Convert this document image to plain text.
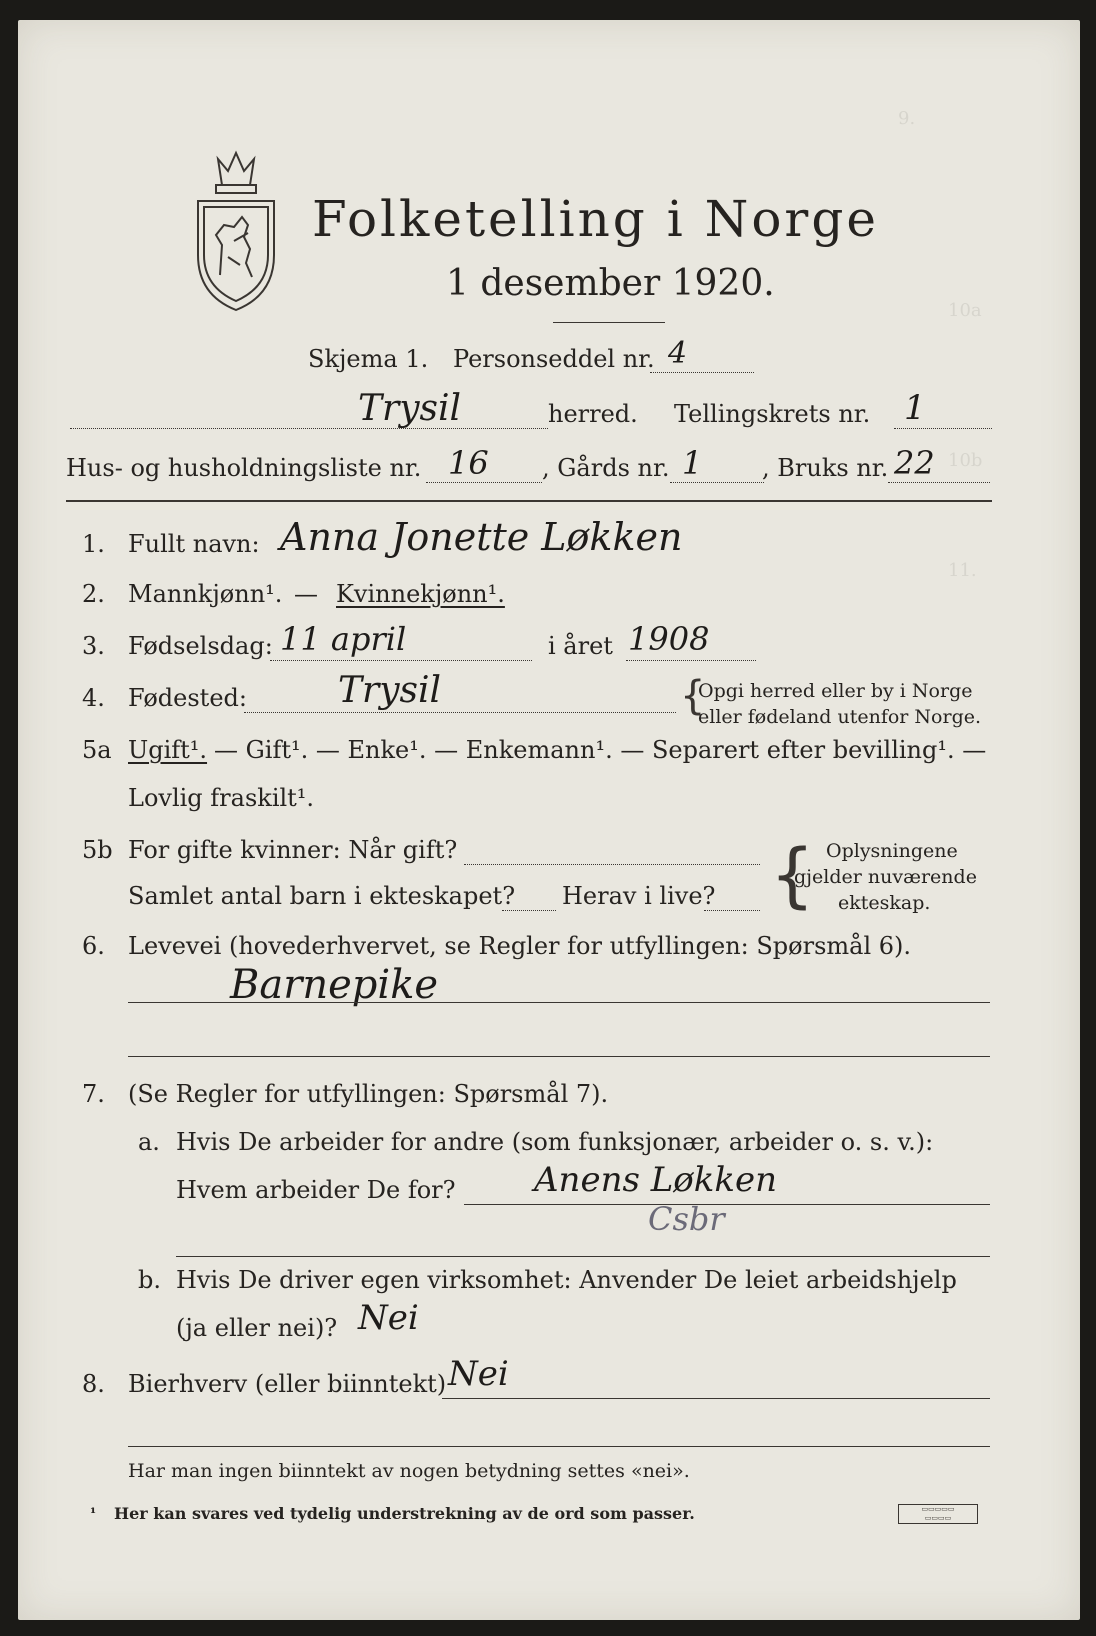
9.
10a
10b
11.
Folketelling i Norge
1 desember 1920.
Skjema 1. Personseddel nr. 4
Trysil	herred. Tellingskrets nr. 1
Hus- og husholdningsliste nr. 16 , Gårds nr. 1 , Bruks nr. 22
1. Fullt navn: Anna Jonette Løkken
2. Mannkjønn¹. — Kvinnekjønn¹.
3. Fødselsdag: 11 april	i året 1908
4. Fødested:	Trysil	{
Opgi herred eller by i Norge
eller fødeland utenfor Norge.
5a Ugift¹. — Gift¹. — Enke¹. — Enkemann¹. — Separert efter bevilling¹. —
Lovlig fraskilt¹.
5b For gifte kvinner: Når gift?
Samlet antal barn i ekteskapet? Herav i live? { Oplysningene
gjelder nuværende
ekteskap.
6. Levevei (hovederhvervet, se Regler for utfyllingen: Spørsmål 6).
Barnepike
7. (Se Regler for utfyllingen: Spørsmål 7).
a. Hvis De arbeider for andre (som funksjonær, arbeider o. s. v.):
Hvem arbeider De for? Anens Løkken
Csbr
b. Hvis De driver egen virksomhet: Anvender De leiet arbeidshjelp
(ja eller nei)? Nei
8. Bierhverv (eller biinntekt) Nei
Har man ingen biinntekt av nogen betydning settes «nei».
¹ Her kan svares ved tydelig understrekning av de ord som passer.	▭▭▭▭▭
▭▭▭▭
